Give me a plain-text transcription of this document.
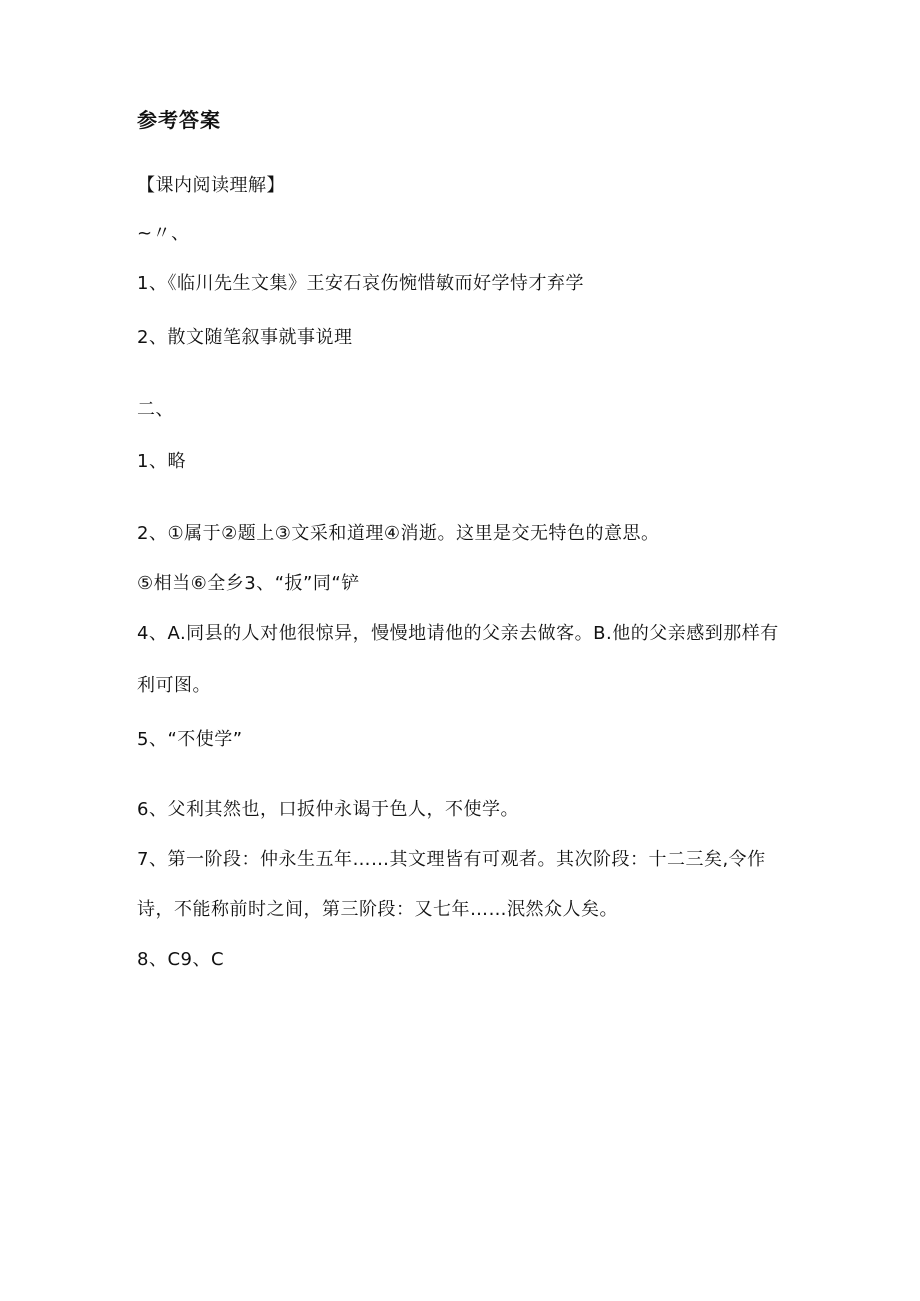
参考答案
【课内阅读理解】
~〃、
1、《临川先生文集》王安石哀伤惋惜敏而好学恃才弃学
2、散文随笔叙事就事说理
二、
1、略
2、①属于②题上③文采和道理④消逝。这里是交无特色的意思。
⑤相当⑥全乡3、“扳”同“铲
4、A.同县的人对他很惊异，慢慢地请他的父亲去做客。B.他的父亲感到那样有
利可图。
5、“不使学”
6、父利其然也，口扳仲永谒于色人，不使学。
7、第一阶段：仲永生五年……其文理皆有可观者。其次阶段：十二三矣,令作
诗，不能称前时之间，第三阶段：又七年……泯然众人矣。
8、C9、C
